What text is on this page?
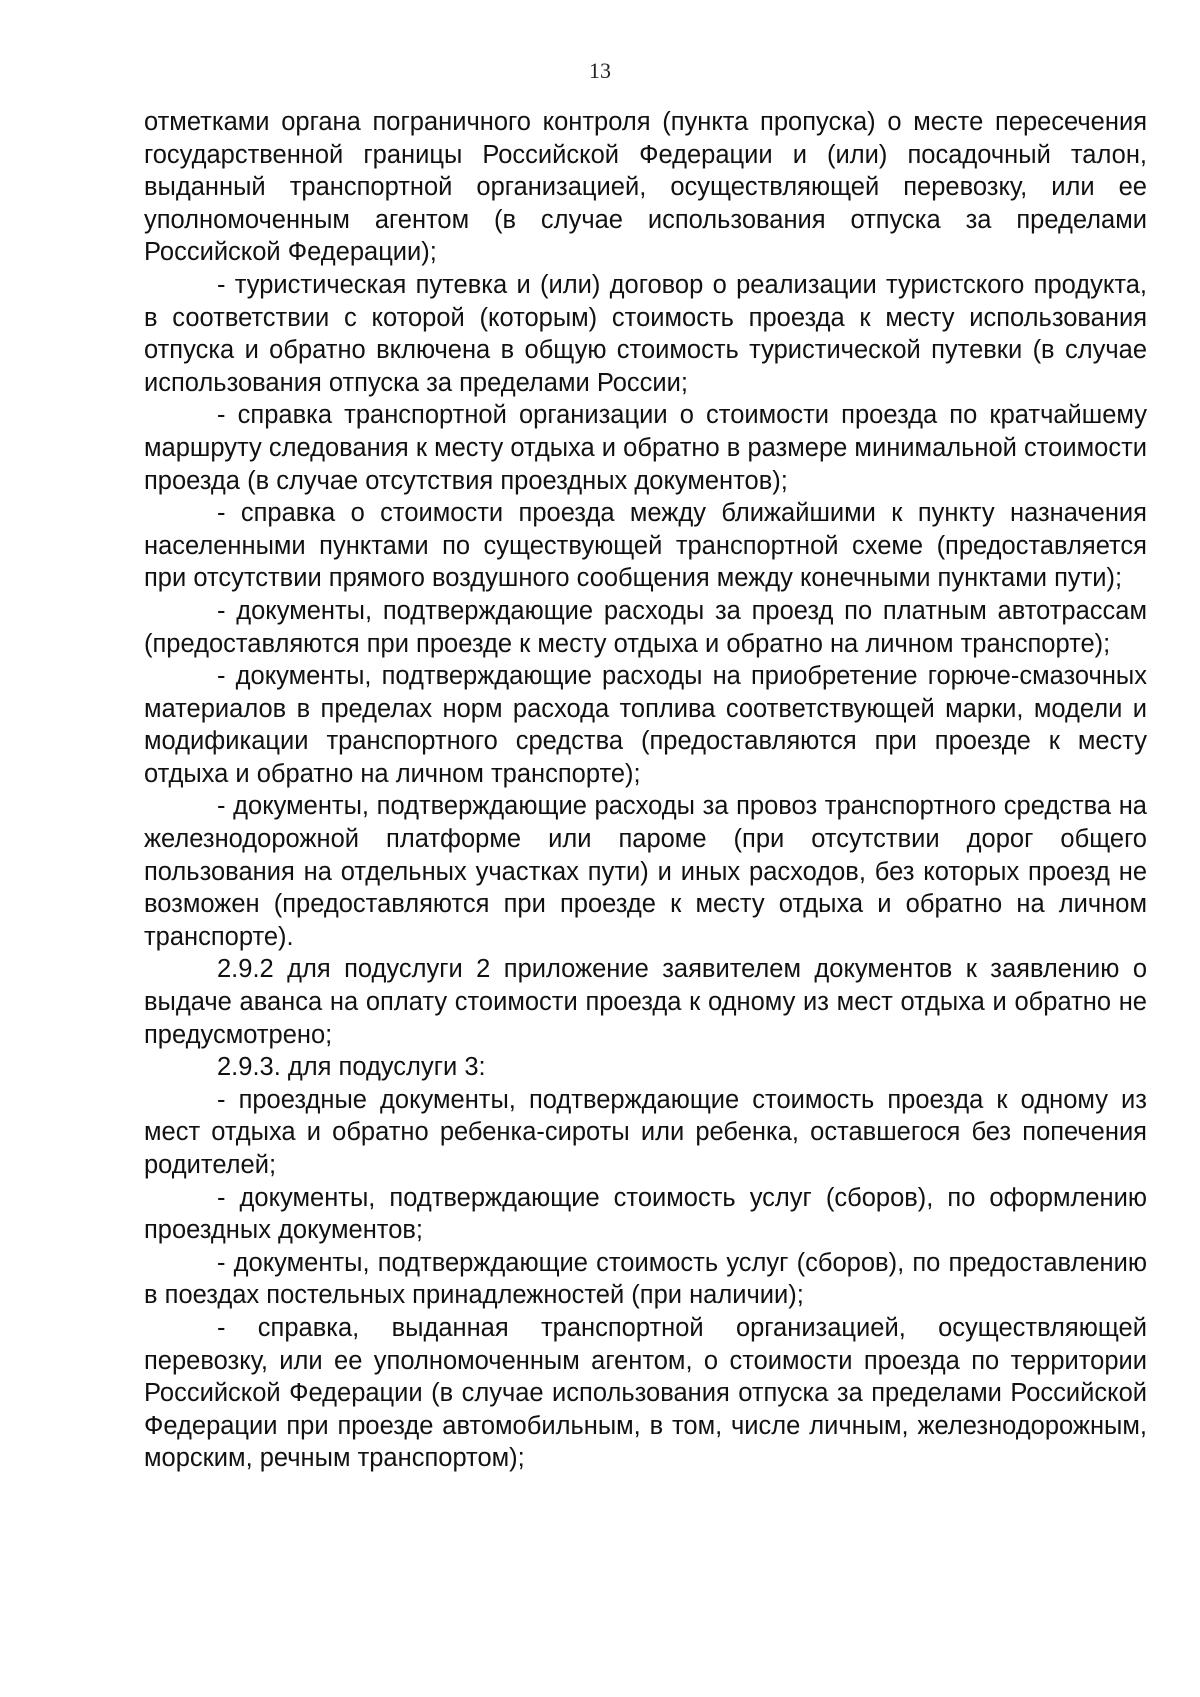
13

отметками органа пограничного контроля (пункта пропуска) о месте пересечения государственной границы Российской Федерации и (или) посадочный талон, выданный транспортной организацией, осуществляющей перевозку, или ее уполномоченным агентом (в случае использования отпуска за пределами Российской Федерации);

- туристическая путевка и (или) договор о реализации туристского продукта, в соответствии с которой (которым) стоимость проезда к месту использования отпуска и обратно включена в общую стоимость туристической путевки (в случае использования отпуска за пределами России;

- справка транспортной организации о стоимости проезда по кратчайшему маршруту следования к месту отдыха и обратно в размере минимальной стоимости проезда (в случае отсутствия проездных документов);

- справка о стоимости проезда между ближайшими к пункту назначения населенными пунктами по существующей транспортной схеме (предоставляется при отсутствии прямого воздушного сообщения между конечными пунктами пути);

- документы, подтверждающие расходы за проезд по платным автотрассам (предоставляются при проезде к месту отдыха и обратно на личном транспорте);

- документы, подтверждающие расходы на приобретение горюче-смазочных материалов в пределах норм расхода топлива соответствующей марки, модели и модификации транспортного средства (предоставляются при проезде к месту отдыха и обратно на личном транспорте);

- документы, подтверждающие расходы за провоз транспортного средства на железнодорожной платформе или пароме (при отсутствии дорог общего пользования на отдельных участках пути) и иных расходов, без которых проезд не возможен (предоставляются при проезде к месту отдыха и обратно на личном транспорте).

2.9.2 для подуслуги 2 приложение заявителем документов к заявлению о выдаче аванса на оплату стоимости проезда к одному из мест отдыха и обратно не предусмотрено;

2.9.3. для подуслуги 3:

- проездные документы, подтверждающие стоимость проезда к одному из мест отдыха и обратно ребенка-сироты или ребенка, оставшегося без попечения родителей;

- документы, подтверждающие стоимость услуг (сборов), по оформлению проездных документов;

- документы, подтверждающие стоимость услуг (сборов), по предоставлению в поездах постельных принадлежностей (при наличии);

- справка, выданная транспортной организацией, осуществляющей перевозку, или ее уполномоченным агентом, о стоимости проезда по территории Российской Федерации (в случае использования отпуска за пределами Российской Федерации при проезде автомобильным, в том, числе личным, железнодорожным, морским, речным транспортом);
